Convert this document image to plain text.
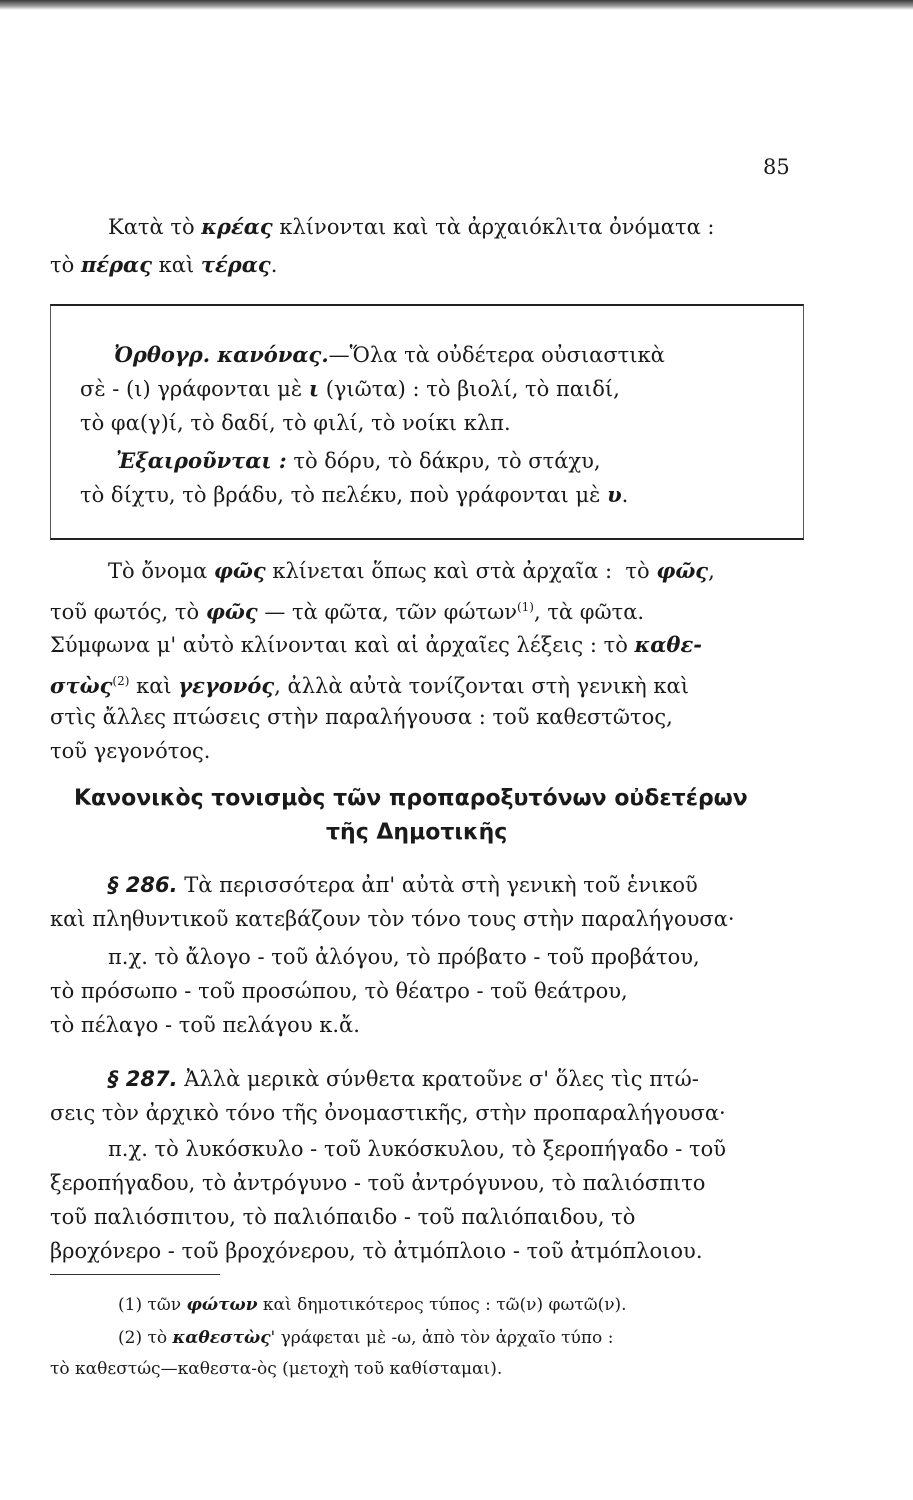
85
Κατὰ τὸ κρέας κλίνονται καὶ τὰ ἀρχαιόκλιτα ὀνόματα :
τὸ πέρας καὶ τέρας.
Ὀρθογρ. κανόνας.—Ὅλα τὰ οὐδέτερα οὐσιαστικὰ
σὲ - (ι) γράφονται μὲ ι (γιῶτα) : τὸ βιολί, τὸ παιδί,
τὸ φα(γ)ί, τὸ δαδί, τὸ φιλί, τὸ νοίκι κλπ.
Ἐξαιροῦνται : τὸ δόρυ, τὸ δάκρυ, τὸ στάχυ,
τὸ δίχτυ, τὸ βράδυ, τὸ πελέκυ, ποὺ γράφονται μὲ υ.
Τὸ ὄνομα φῶς κλίνεται ὅπως καὶ στὰ ἀρχαῖα : τὸ φῶς,
τοῦ φωτός, τὸ φῶς — τὰ φῶτα, τῶν φώτων$^{(1)}$, τὰ φῶτα.
Σύμφωνα μ' αὐτὸ κλίνονται καὶ αἱ ἀρχαῖες λέξεις : τὸ καθε-
στὼς$^{(2)}$ καὶ γεγονός, ἀλλὰ αὐτὰ τονίζονται στὴ γενικὴ καὶ
στὶς ἄλλες πτώσεις στὴν παραλήγουσα : τοῦ καθεστῶτος,
τοῦ γεγονότος.
Κανονικὸς τονισμὸς τῶν προπαροξυτόνων οὐδετέρων
τῆς Δημοτικῆς
§ 286. Τὰ περισσότερα ἀπ' αὐτὰ στὴ γενικὴ τοῦ ἑνικοῦ
καὶ πληθυντικοῦ κατεβάζουν τὸν τόνο τους στὴν παραλήγουσα·
π.χ. τὸ ἄλογο - τοῦ ἀλόγου, τὸ πρόβατο - τοῦ προβάτου,
τὸ πρόσωπο - τοῦ προσώπου, τὸ θέατρο - τοῦ θεάτρου,
τὸ πέλαγο - τοῦ πελάγου κ.ἄ.
§ 287. Ἀλλὰ μερικὰ σύνθετα κρατοῦνε σ' ὅλες τὶς πτώ-
σεις τὸν ἀρχικὸ τόνο τῆς ὀνομαστικῆς, στὴν προπαραλήγουσα·
π.χ. τὸ λυκόσκυλο - τοῦ λυκόσκυλου, τὸ ξεροπήγαδο - τοῦ
ξεροπήγαδου, τὸ ἀντρόγυνο - τοῦ ἀντρόγυνου, τὸ παλιόσπιτο
τοῦ παλιόσπιτου, τὸ παλιόπαιδο - τοῦ παλιόπαιδου, τὸ
βροχόνερο - τοῦ βροχόνερου, τὸ ἀτμόπλοιο - τοῦ ἀτμόπλοιου.
(1) τῶν φώτων καὶ δημοτικότερος τύπος : τῶ(ν) φωτῶ(ν).
(2) τὸ καθεστὼς' γράφεται μὲ -ω, ἀπὸ τὸν ἀρχαῖο τύπο :
τὸ καθεστώς—καθεστα-ὸς (μετοχὴ τοῦ καθίσταμαι).
